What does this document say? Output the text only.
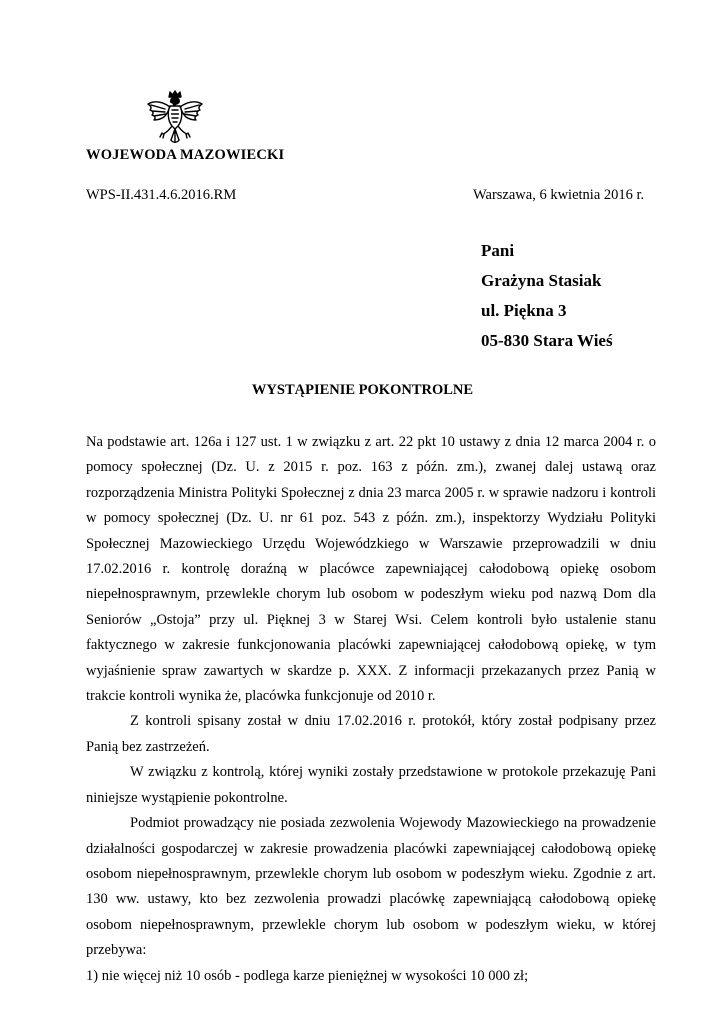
WOJEWODA MAZOWIECKI
WPS-II.431.4.6.2016.RM	Warszawa, 6 kwietnia 2016 r.
Pani
Grażyna Stasiak
ul. Piękna 3
05-830 Stara Wieś
WYSTĄPIENIE POKONTROLNE

Na podstawie art. 126a i 127 ust. 1 w związku z art. 22 pkt 10 ustawy z dnia 12 marca 2004 r. o pomocy społecznej (Dz. U. z 2015 r. poz. 163 z późn. zm.), zwanej dalej ustawą oraz rozporządzenia Ministra Polityki Społecznej z dnia 23 marca 2005 r. w sprawie nadzoru i kontroli w pomocy społecznej (Dz. U. nr 61 poz. 543 z późn. zm.), inspektorzy Wydziału Polityki Społecznej Mazowieckiego Urzędu Wojewódzkiego w Warszawie przeprowadzili w dniu 17.02.2016 r. kontrolę doraźną w placówce zapewniającej całodobową opiekę osobom niepełnosprawnym, przewlekle chorym lub osobom w podeszłym wieku pod nazwą Dom dla Seniorów „Ostoja” przy ul. Pięknej 3 w Starej Wsi. Celem kontroli było ustalenie stanu faktycznego w zakresie funkcjonowania placówki zapewniającej całodobową opiekę, w tym wyjaśnienie spraw zawartych w skardze p. XXX. Z informacji przekazanych przez Panią w trakcie kontroli wynika że, placówka funkcjonuje od 2010 r.

Z kontroli spisany został w dniu 17.02.2016 r. protokół, który został podpisany przez Panią bez zastrzeżeń.

W związku z kontrolą, której wyniki zostały przedstawione w protokole przekazuję Pani niniejsze wystąpienie pokontrolne.

Podmiot prowadzący nie posiada zezwolenia Wojewody Mazowieckiego na prowadzenie działalności gospodarczej w zakresie prowadzenia placówki zapewniającej całodobową opiekę osobom niepełnosprawnym, przewlekle chorym lub osobom w podeszłym wieku. Zgodnie z art. 130 ww. ustawy, kto bez zezwolenia prowadzi placówkę zapewniającą całodobową opiekę osobom niepełnosprawnym, przewlekle chorym lub osobom w podeszłym wieku, w której przebywa:

1) nie więcej niż 10 osób - podlega karze pieniężnej w wysokości 10 000 zł;
